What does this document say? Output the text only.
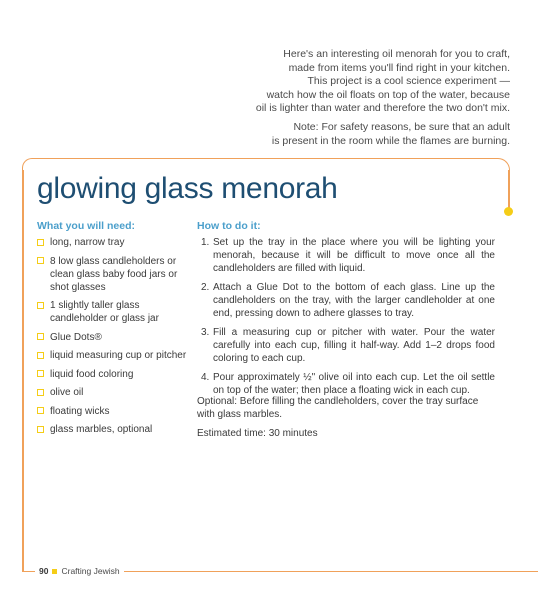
Here's an interesting oil menorah for you to craft,
made from items you'll find right in your kitchen.
This project is a cool science experiment —
watch how the oil floats on top of the water, because
oil is lighter than water and therefore the two don't mix.

Note: For safety reasons, be sure that an adult
is present in the room while the flames are burning.

glowing glass menorah
What you will need:
long, narrow tray
8 low glass candleholders or clean glass baby food jars or shot glasses
1 slightly taller glass candleholder or glass jar
Glue Dots®
liquid measuring cup or pitcher
liquid food coloring
olive oil
floating wicks
glass marbles, optional
How to do it:
1. Set up the tray in the place where you will be lighting your menorah, because it will be difficult to move once all the candleholders are filled with liquid.
2. Attach a Glue Dot to the bottom of each glass. Line up the candleholders on the tray, with the larger candleholder at one end, pressing down to adhere glasses to tray.
3. Fill a measuring cup or pitcher with water. Pour the water carefully into each cup, filling it half-way. Add 1–2 drops food coloring to each cup.
4. Pour approximately ½" olive oil into each cup. Let the oil settle on top of the water; then place a floating wick in each cup.

Optional: Before filling the candleholders, cover the tray surface with glass marbles.

Estimated time: 30 minutes

90 Crafting Jewish
